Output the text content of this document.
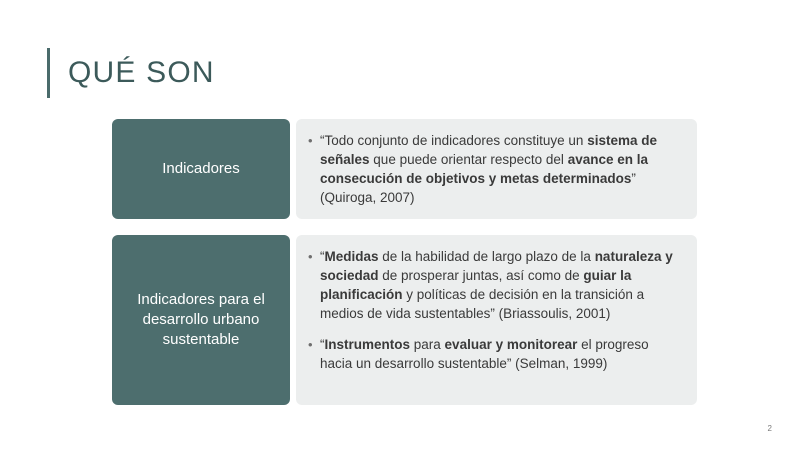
QUÉ SON
Indicadores
• “Todo conjunto de indicadores constituye un sistema de señales que puede orientar respecto del avance en la consecución de objetivos y metas determinados” (Quiroga, 2007)
Indicadores para el desarrollo urbano sustentable
• “Medidas de la habilidad de largo plazo de la naturaleza y sociedad de prosperar juntas, así como de guiar la planificación y políticas de decisión en la transición a medios de vida sustentables” (Briassoulis, 2001)
• “Instrumentos para evaluar y monitorear el progreso hacia un desarrollo sustentable” (Selman, 1999)
2
